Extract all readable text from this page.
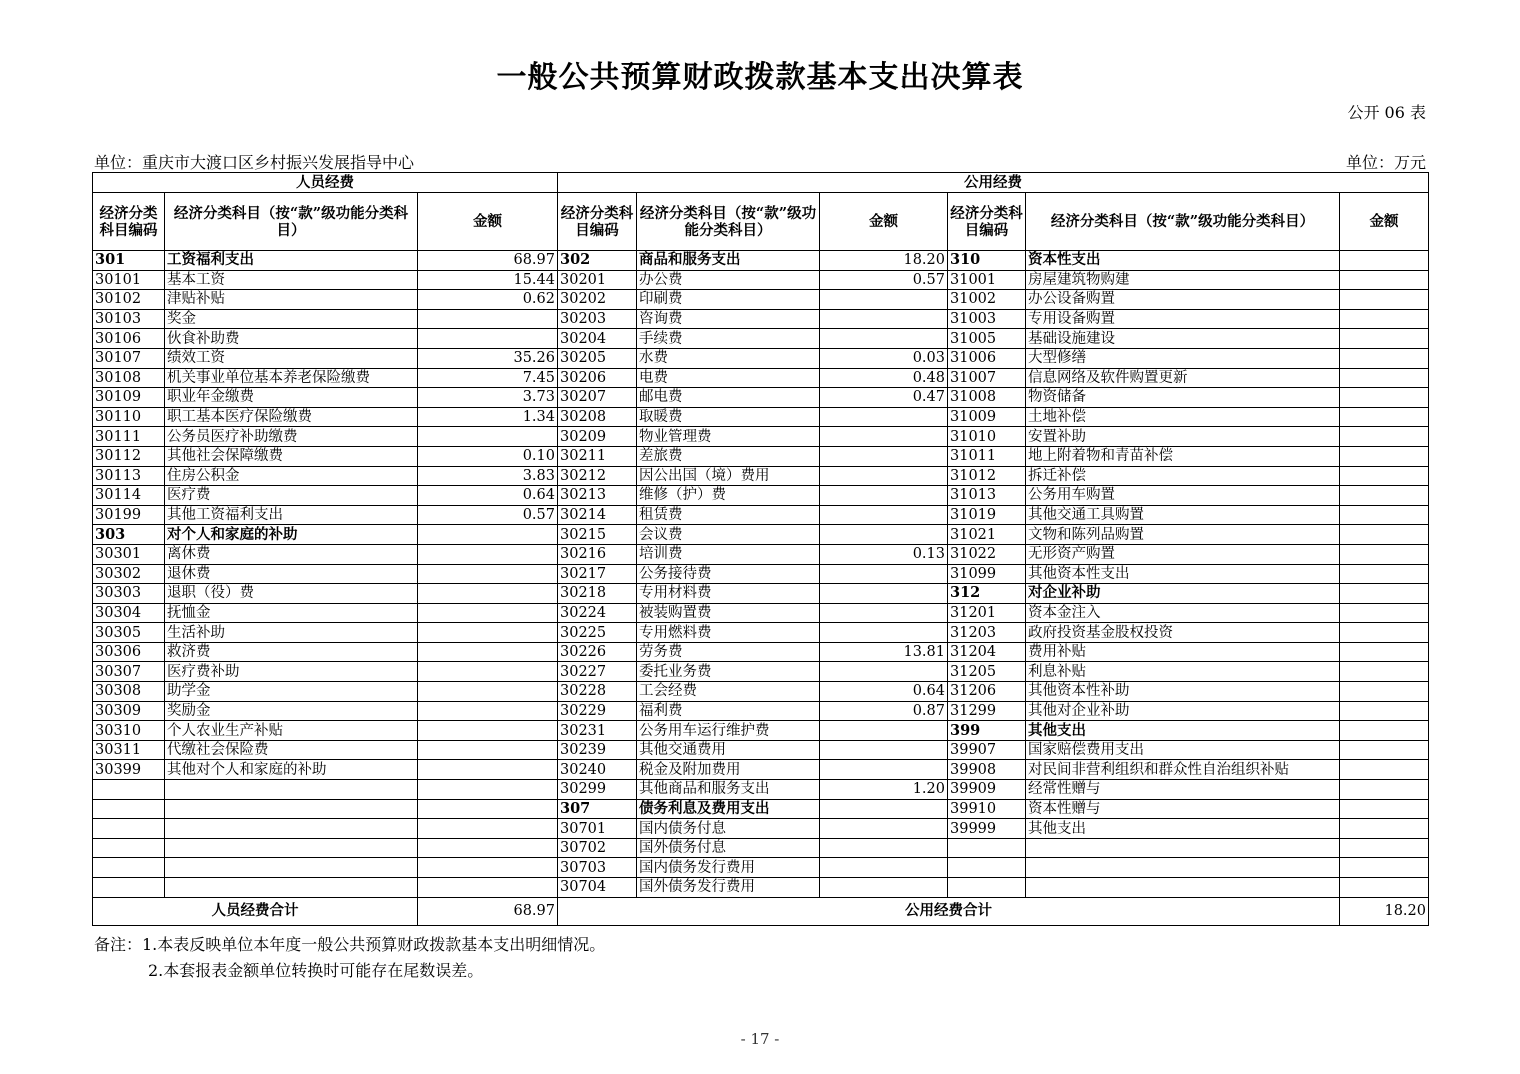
一般公共预算财政拨款基本支出决算表
公开 06 表
单位：重庆市大渡口区乡村振兴发展指导中心	单位：万元
人员经费			公用经费					
经济分类科目编码	经济分类科目（按“款”级功能分类科目）	金额	经济分类科目编码	经济分类科目（按“款”级功能分类科目）	金额	经济分类科目编码	经济分类科目（按“款”级功能分类科目）	金额
301	工资福利支出	68.97	302	商品和服务支出	18.20	310	资本性支出	
30101	基本工资	15.44	30201	办公费	0.57	31001	房屋建筑物购建	
30102	津贴补贴	0.62	30202	印刷费		31002	办公设备购置	
30103	奖金		30203	咨询费		31003	专用设备购置	
30106	伙食补助费		30204	手续费		31005	基础设施建设	
30107	绩效工资	35.26	30205	水费	0.03	31006	大型修缮	
30108	机关事业单位基本养老保险缴费	7.45	30206	电费	0.48	31007	信息网络及软件购置更新	
30109	职业年金缴费	3.73	30207	邮电费	0.47	31008	物资储备	
30110	职工基本医疗保险缴费	1.34	30208	取暖费		31009	土地补偿	
30111	公务员医疗补助缴费		30209	物业管理费		31010	安置补助	
30112	其他社会保障缴费	0.10	30211	差旅费		31011	地上附着物和青苗补偿	
30113	住房公积金	3.83	30212	因公出国（境）费用		31012	拆迁补偿	
30114	医疗费	0.64	30213	维修（护）费		31013	公务用车购置	
30199	其他工资福利支出	0.57	30214	租赁费		31019	其他交通工具购置	
303	对个人和家庭的补助		30215	会议费		31021	文物和陈列品购置	
30301	离休费		30216	培训费	0.13	31022	无形资产购置	
30302	退休费		30217	公务接待费		31099	其他资本性支出	
30303	退职（役）费		30218	专用材料费		312	对企业补助	
30304	抚恤金		30224	被装购置费		31201	资本金注入	
30305	生活补助		30225	专用燃料费		31203	政府投资基金股权投资	
30306	救济费		30226	劳务费	13.81	31204	费用补贴	
30307	医疗费补助		30227	委托业务费		31205	利息补贴	
30308	助学金		30228	工会经费	0.64	31206	其他资本性补助	
30309	奖励金		30229	福利费	0.87	31299	其他对企业补助	
30310	个人农业生产补贴		30231	公务用车运行维护费		399	其他支出	
30311	代缴社会保险费		30239	其他交通费用		39907	国家赔偿费用支出	
30399	其他对个人和家庭的补助		30240	税金及附加费用		39908	对民间非营利组织和群众性自治组织补贴	
			30299	其他商品和服务支出	1.20	39909	经常性赠与	
			307	债务利息及费用支出		39910	资本性赠与	
			30701	国内债务付息		39999	其他支出	
			30702	国外债务付息				
			30703	国内债务发行费用				
			30704	国外债务发行费用				
人员经费合计		68.97	公用经费合计					18.20
备注：1.本表反映单位本年度一般公共预算财政拨款基本支出明细情况。
2.本套报表金额单位转换时可能存在尾数误差。
- 17 -
